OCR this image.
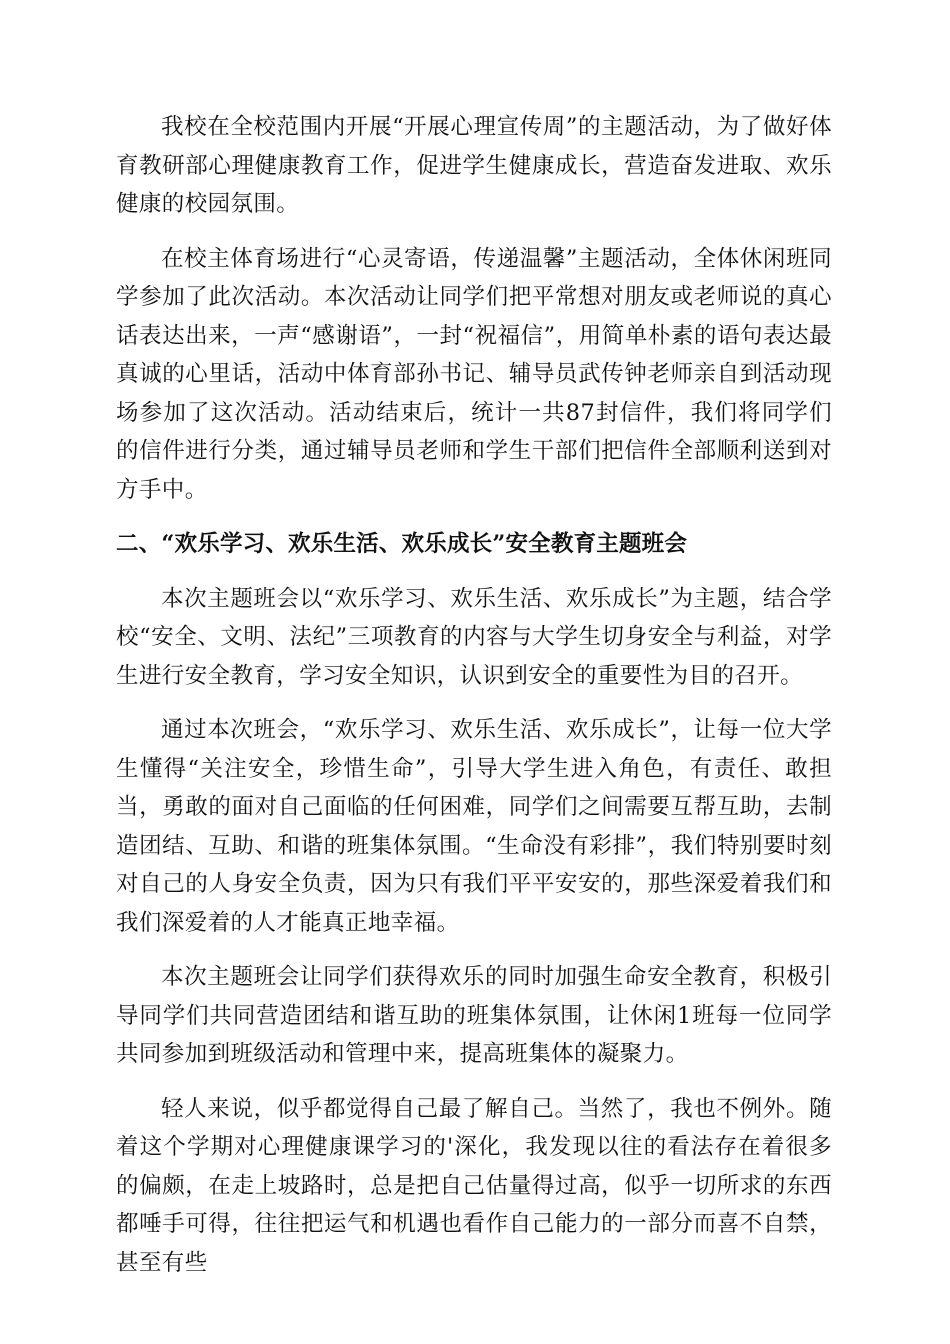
我校在全校范围内开展“开展心理宣传周”的主题活动，为了做好体育教研部心理健康教育工作，促进学生健康成长，营造奋发进取、欢乐健康的校园氛围。

在校主体育场进行“心灵寄语，传递温馨”主题活动，全体休闲班同学参加了此次活动。本次活动让同学们把平常想对朋友或老师说的真心话表达出来，一声“感谢语”，一封“祝福信”，用简单朴素的语句表达最真诚的心里话，活动中体育部孙书记、辅导员武传钟老师亲自到活动现场参加了这次活动。活动结束后，统计一共87封信件，我们将同学们的信件进行分类，通过辅导员老师和学生干部们把信件全部顺利送到对方手中。

二、“欢乐学习、欢乐生活、欢乐成长”安全教育主题班会

本次主题班会以“欢乐学习、欢乐生活、欢乐成长”为主题，结合学校“安全、文明、法纪”三项教育的内容与大学生切身安全与利益，对学生进行安全教育，学习安全知识，认识到安全的重要性为目的召开。

通过本次班会，“欢乐学习、欢乐生活、欢乐成长”，让每一位大学生懂得“关注安全，珍惜生命”，引导大学生进入角色，有责任、敢担当，勇敢的面对自己面临的任何困难，同学们之间需要互帮互助，去制造团结、互助、和谐的班集体氛围。“生命没有彩排”，我们特别要时刻对自己的人身安全负责，因为只有我们平平安安的，那些深爱着我们和我们深爱着的人才能真正地幸福。

本次主题班会让同学们获得欢乐的同时加强生命安全教育，积极引导同学们共同营造团结和谐互助的班集体氛围，让休闲1班每一位同学共同参加到班级活动和管理中来，提高班集体的凝聚力。

轻人来说，似乎都觉得自己最了解自己。当然了，我也不例外。随着这个学期对心理健康课学习的'深化，我发现以往的看法存在着很多的偏颇，在走上坡路时，总是把自己估量得过高，似乎一切所求的东西都唾手可得，往往把运气和机遇也看作自己能力的一部分而喜不自禁，甚至有些
